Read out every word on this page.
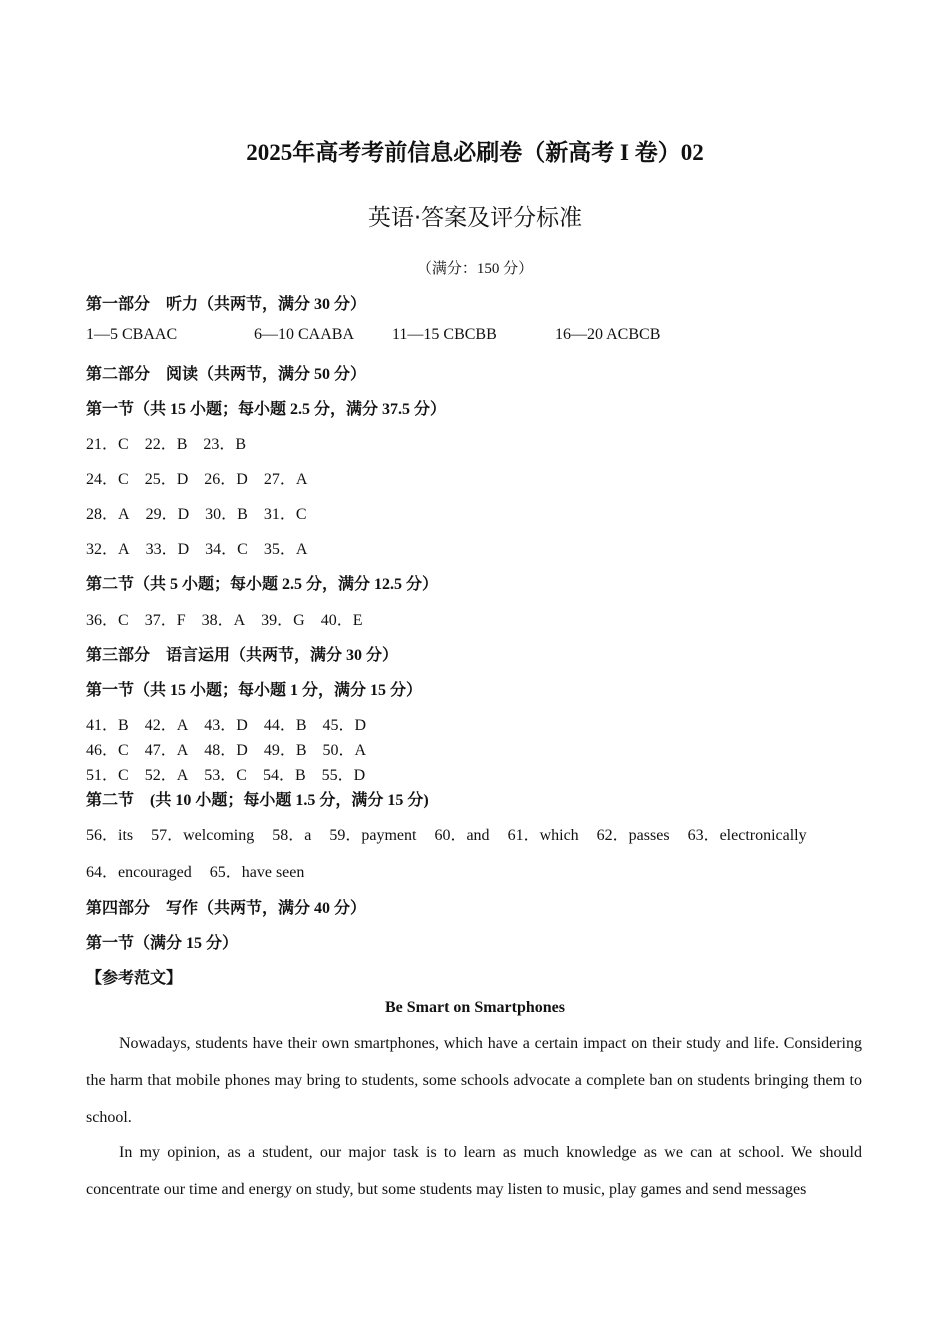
2025年高考考前信息必刷卷（新高考 I 卷）02
英语·答案及评分标准
（满分：150 分）
第一部分　听力（共两节，满分 30 分）
1—5 CBAAC	6—10 CAABA 11—15 CBCBB	16—20 ACBCB
第二部分　阅读（共两节，满分 50 分）
第一节（共 15 小题；每小题 2.5 分，满分 37.5 分）
21．C 22．B 23．B
24．C 25．D 26．D 27．A
28．A 29．D 30．B 31．C
32．A 33．D 34．C 35．A
第二节（共 5 小题；每小题 2.5 分，满分 12.5 分）
36．C 37．F 38．A 39．G 40．E
第三部分　语言运用（共两节，满分 30 分）
第一节（共 15 小题；每小题 1 分，满分 15 分）
41．B 42．A 43．D 44．B 45．D
46．C 47．A 48．D 49．B 50．A
51．C 52．A 53．C 54．B 55．D
第二节　(共 10 小题；每小题 1.5 分，满分 15 分)
56．its 57．welcoming 58．a 59．payment 60．and 61．which 62．passes 63．electronically
64．encouraged 65．have seen
第四部分　写作（共两节，满分 40 分）
第一节（满分 15 分）
【参考范文】
Be Smart on Smartphones

Nowadays, students have their own smartphones, which have a certain impact on their study and life. Considering the harm that mobile phones may bring to students, some schools advocate a complete ban on students bringing them to school.

In my opinion, as a student, our major task is to learn as much knowledge as we can at school. We should concentrate our time and energy on study, but some students may listen to music, play games and send messages
